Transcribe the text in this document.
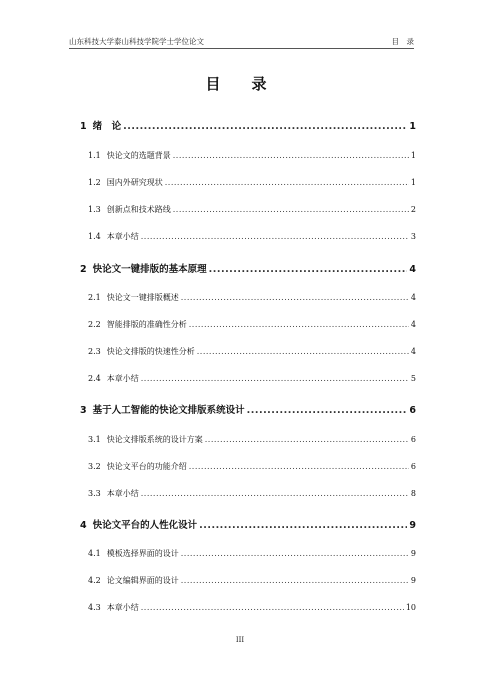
山东科技大学泰山科技学院学士学位论文	目　录
目　录
1 绪　论 .....	1
1.1 快论文的选题背景 .....	1
1.2 国内外研究现状 .....	1
1.3 创新点和技术路线 .....	2
1.4 本章小结 .....	3
2 快论文一键排版的基本原理 .....	4
2.1 快论文一键排版概述 .....	4
2.2 智能排版的准确性分析 .....	4
2.3 快论文排版的快速性分析 .....	4
2.4 本章小结 .....	5
3 基于人工智能的快论文排版系统设计 .....	6
3.1 快论文排版系统的设计方案 .....	6
3.2 快论文平台的功能介绍 .....	6
3.3 本章小结 .....	8
4 快论文平台的人性化设计 .....	9
4.1 模板选择界面的设计 .....	9
4.2 论文编辑界面的设计 .....	9
4.3 本章小结 .....	10
III
